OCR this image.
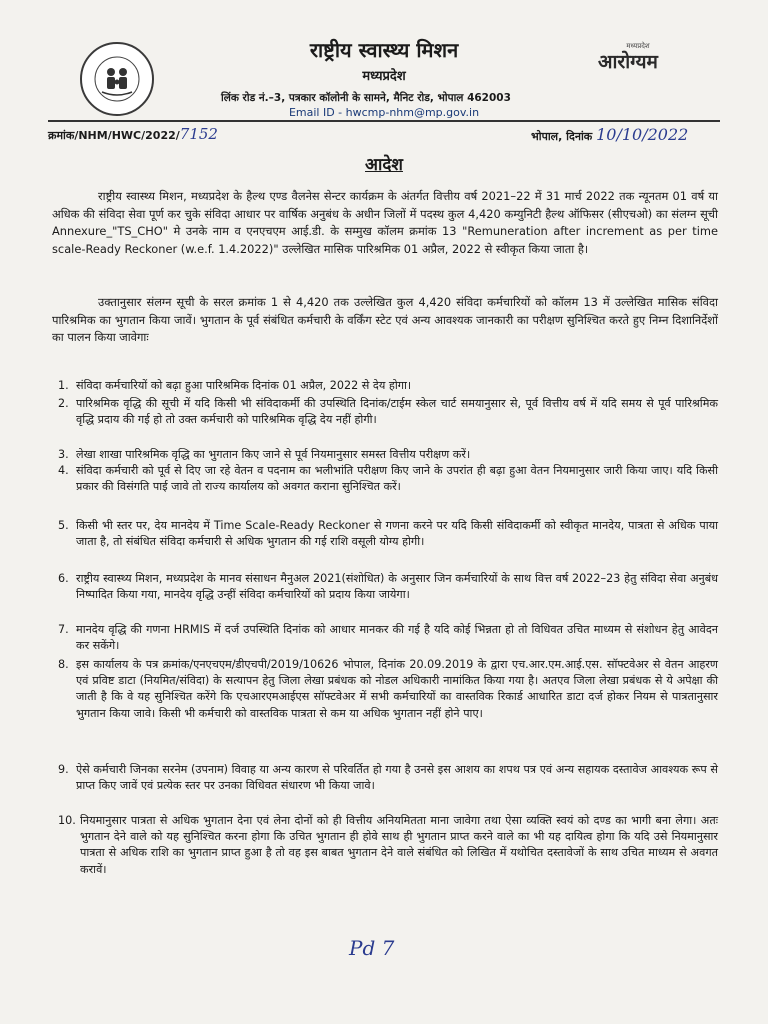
राष्ट्रीय स्वास्थ्य मिशन
मध्यप्रदेश
लिंक रोड नं.–3, पत्रकार कॉलोनी के सामने, मैनिट रोड, भोपाल 462003
Email ID - hwcmp-nhm@mp.gov.in
मध्यप्रदेश
आरोग्यम
क्रमांक/NHM/HWC/2022/7152	भोपाल, दिनांक 10/10/2022
आदेश
राष्ट्रीय स्वास्थ्य मिशन, मध्यप्रदेश के हैल्थ एण्ड वैलनेस सेन्टर कार्यक्रम के अंतर्गत वित्तीय वर्ष 2021–22 में 31 मार्च 2022 तक न्यूनतम 01 वर्ष या अधिक की संविदा सेवा पूर्ण कर चुके संविदा आधार पर वार्षिक अनुबंध के अधीन जिलों में पदस्थ कुल 4,420 कम्युनिटी हैल्थ ऑफिसर (सीएचओ) का संलग्न सूची Annexure_"TS_CHO" मे उनके नाम व एनएचएम आई.डी. के सम्मुख कॉलम क्रमांक 13 "Remuneration after increment as per time scale-Ready Reckoner (w.e.f. 1.4.2022)" उल्लेखित मासिक पारिश्रमिक 01 अप्रैल, 2022 से स्वीकृत किया जाता है।
उक्तानुसार संलग्न सूची के सरल क्रमांक 1 से 4,420 तक उल्लेखित कुल 4,420 संविदा कर्मचारियों को कॉलम 13 में उल्लेखित मासिक संविदा पारिश्रमिक का भुगतान किया जावें। भुगतान के पूर्व संबंधित कर्मचारी के वर्किंग स्टेट एवं अन्य आवश्यक जानकारी का परीक्षण सुनिश्चित करते हुए निम्न दिशानिर्देशों का पालन किया जावेगाः
1. संविदा कर्मचारियों को बढ़ा हुआ पारिश्रमिक दिनांक 01 अप्रैल, 2022 से देय होगा।
2. पारिश्रमिक वृद्धि की सूची में यदि किसी भी संविदाकर्मी की उपस्थिति दिनांक/टाईम स्केल चार्ट समयानुसार से, पूर्व वित्तीय वर्ष में यदि समय से पूर्व पारिश्रमिक वृद्धि प्रदाय की गई हो तो उक्त कर्मचारी को पारिश्रमिक वृद्धि देय नहीं होगी।
3. लेखा शाखा पारिश्रमिक वृद्धि का भुगतान किए जाने से पूर्व नियमानुसार समस्त वित्तीय परीक्षण करें।
4. संविदा कर्मचारी को पूर्व से दिए जा रहे वेतन व पदनाम का भलीभांति परीक्षण किए जाने के उपरांत ही बढ़ा हुआ वेतन नियमानुसार जारी किया जाए। यदि किसी प्रकार की विसंगति पाई जावे तो राज्य कार्यालय को अवगत कराना सुनिश्चित करें।
5. किसी भी स्तर पर, देय मानदेय में Time Scale-Ready Reckoner से गणना करने पर यदि किसी संविदाकर्मी को स्वीकृत मानदेय, पात्रता से अधिक पाया जाता है, तो संबंधित संविदा कर्मचारी से अधिक भुगतान की गई राशि वसूली योग्य होगी।
6. राष्ट्रीय स्वास्थ्य मिशन, मध्यप्रदेश के मानव संसाधन मैनुअल 2021(संशोधित) के अनुसार जिन कर्मचारियों के साथ वित्त वर्ष 2022–23 हेतु संविदा सेवा अनुबंध निष्पादित किया गया, मानदेय वृद्धि उन्हीं संविदा कर्मचारियों को प्रदाय किया जायेगा।
7. मानदेय वृद्धि की गणना HRMIS में दर्ज उपस्थिति दिनांक को आधार मानकर की गई है यदि कोई भिन्नता हो तो विधिवत उचित माध्यम से संशोधन हेतु आवेदन कर सकेंगे।
8. इस कार्यालय के पत्र क्रमांक/एनएचएम/डीएचपी/2019/10626 भोपाल, दिनांक 20.09.2019 के द्वारा एच.आर.एम.आई.एस. सॉफ्टवेअर से वेतन आहरण एवं प्रविष्ट डाटा (नियमित/संविदा) के सत्यापन हेतु जिला लेखा प्रबंधक को नोडल अधिकारी नामांकित किया गया है। अतएव जिला लेखा प्रबंधक से ये अपेक्षा की जाती है कि वे यह सुनिश्चित करेंगे कि एचआरएमआईएस सॉफ्टवेअर में सभी कर्मचारियों का वास्तविक रिकार्ड आधारित डाटा दर्ज होकर नियम से पात्रतानुसार भुगतान किया जावे। किसी भी कर्मचारी को वास्तविक पात्रता से कम या अधिक भुगतान नहीं होने पाए।
9. ऐसे कर्मचारी जिनका सरनेम (उपनाम) विवाह या अन्य कारण से परिवर्तित हो गया है उनसे इस आशय का शपथ पत्र एवं अन्य सहायक दस्तावेज आवश्यक रूप से प्राप्त किए जावें एवं प्रत्येक स्तर पर उनका विधिवत संधारण भी किया जावे।
10. नियमानुसार पात्रता से अधिक भुगतान देना एवं लेना दोनों को ही वित्तीय अनियमितता माना जावेगा तथा ऐसा व्यक्ति स्वयं को दण्ड का भागी बना लेगा। अतः भुगतान देने वाले को यह सुनिश्चित करना होगा कि उचित भुगतान ही होवे साथ ही भुगतान प्राप्त करने वाले का भी यह दायित्व होगा कि यदि उसे नियमानुसार पात्रता से अधिक राशि का भुगतान प्राप्त हुआ है तो वह इस बाबत भुगतान देने वाले संबंधित को लिखित में यथोचित दस्तावेजों के साथ उचित माध्यम से अवगत करावें।
Pd 7
